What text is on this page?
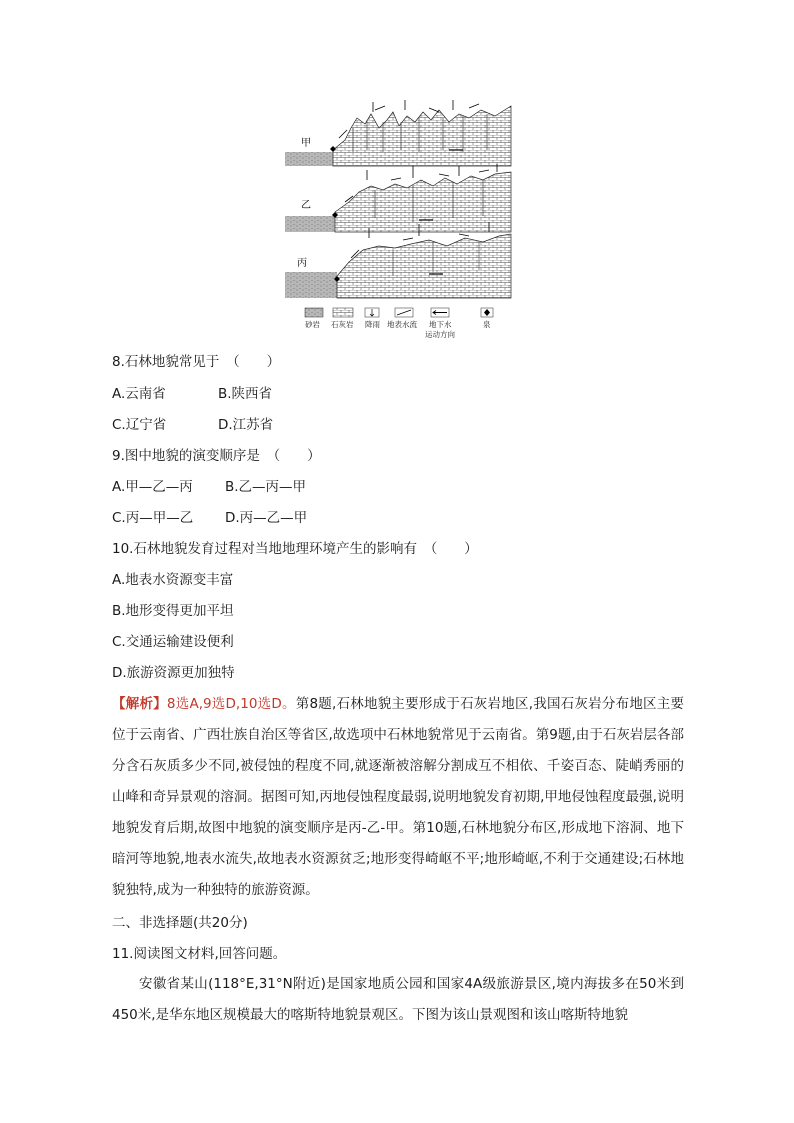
甲
乙
丙
砂岩 石灰岩 降雨 地表水流 地下水
运动方向
泉
8.石林地貌常见于　（　　）
A.云南省	B.陕西省
C.辽宁省	D.江苏省
9.图中地貌的演变顺序是　（　　）
A.甲—乙—丙 B.乙—丙—甲
C.丙—甲—乙 D.丙—乙—甲
10.石林地貌发育过程对当地地理环境产生的影响有　（　　）
A.地表水资源变丰富
B.地形变得更加平坦
C.交通运输建设便利
D.旅游资源更加独特
【解析】8选A,9选D,10选D。第8题,石林地貌主要形成于石灰岩地区,我国石灰岩分布地区主要位于云南省、广西壮族自治区等省区,故选项中石林地貌常见于云南省。第9题,由于石灰岩层各部分含石灰质多少不同,被侵蚀的程度不同,就逐渐被溶解分割成互不相依、千姿百态、陡峭秀丽的山峰和奇异景观的溶洞。据图可知,丙地侵蚀程度最弱,说明地貌发育初期,甲地侵蚀程度最强,说明地貌发育后期,故图中地貌的演变顺序是丙-乙-甲。第10题,石林地貌分布区,形成地下溶洞、地下暗河等地貌,地表水流失,故地表水资源贫乏;地形变得崎岖不平;地形崎岖,不利于交通建设;石林地貌独特,成为一种独特的旅游资源。
二、非选择题(共20分)
11.阅读图文材料,回答问题。
安徽省某山(118°E,31°N附近)是国家地质公园和国家4A级旅游景区,境内海拔多在50米到450米,是华东地区规模最大的喀斯特地貌景观区。下图为该山景观图和该山喀斯特地貌
